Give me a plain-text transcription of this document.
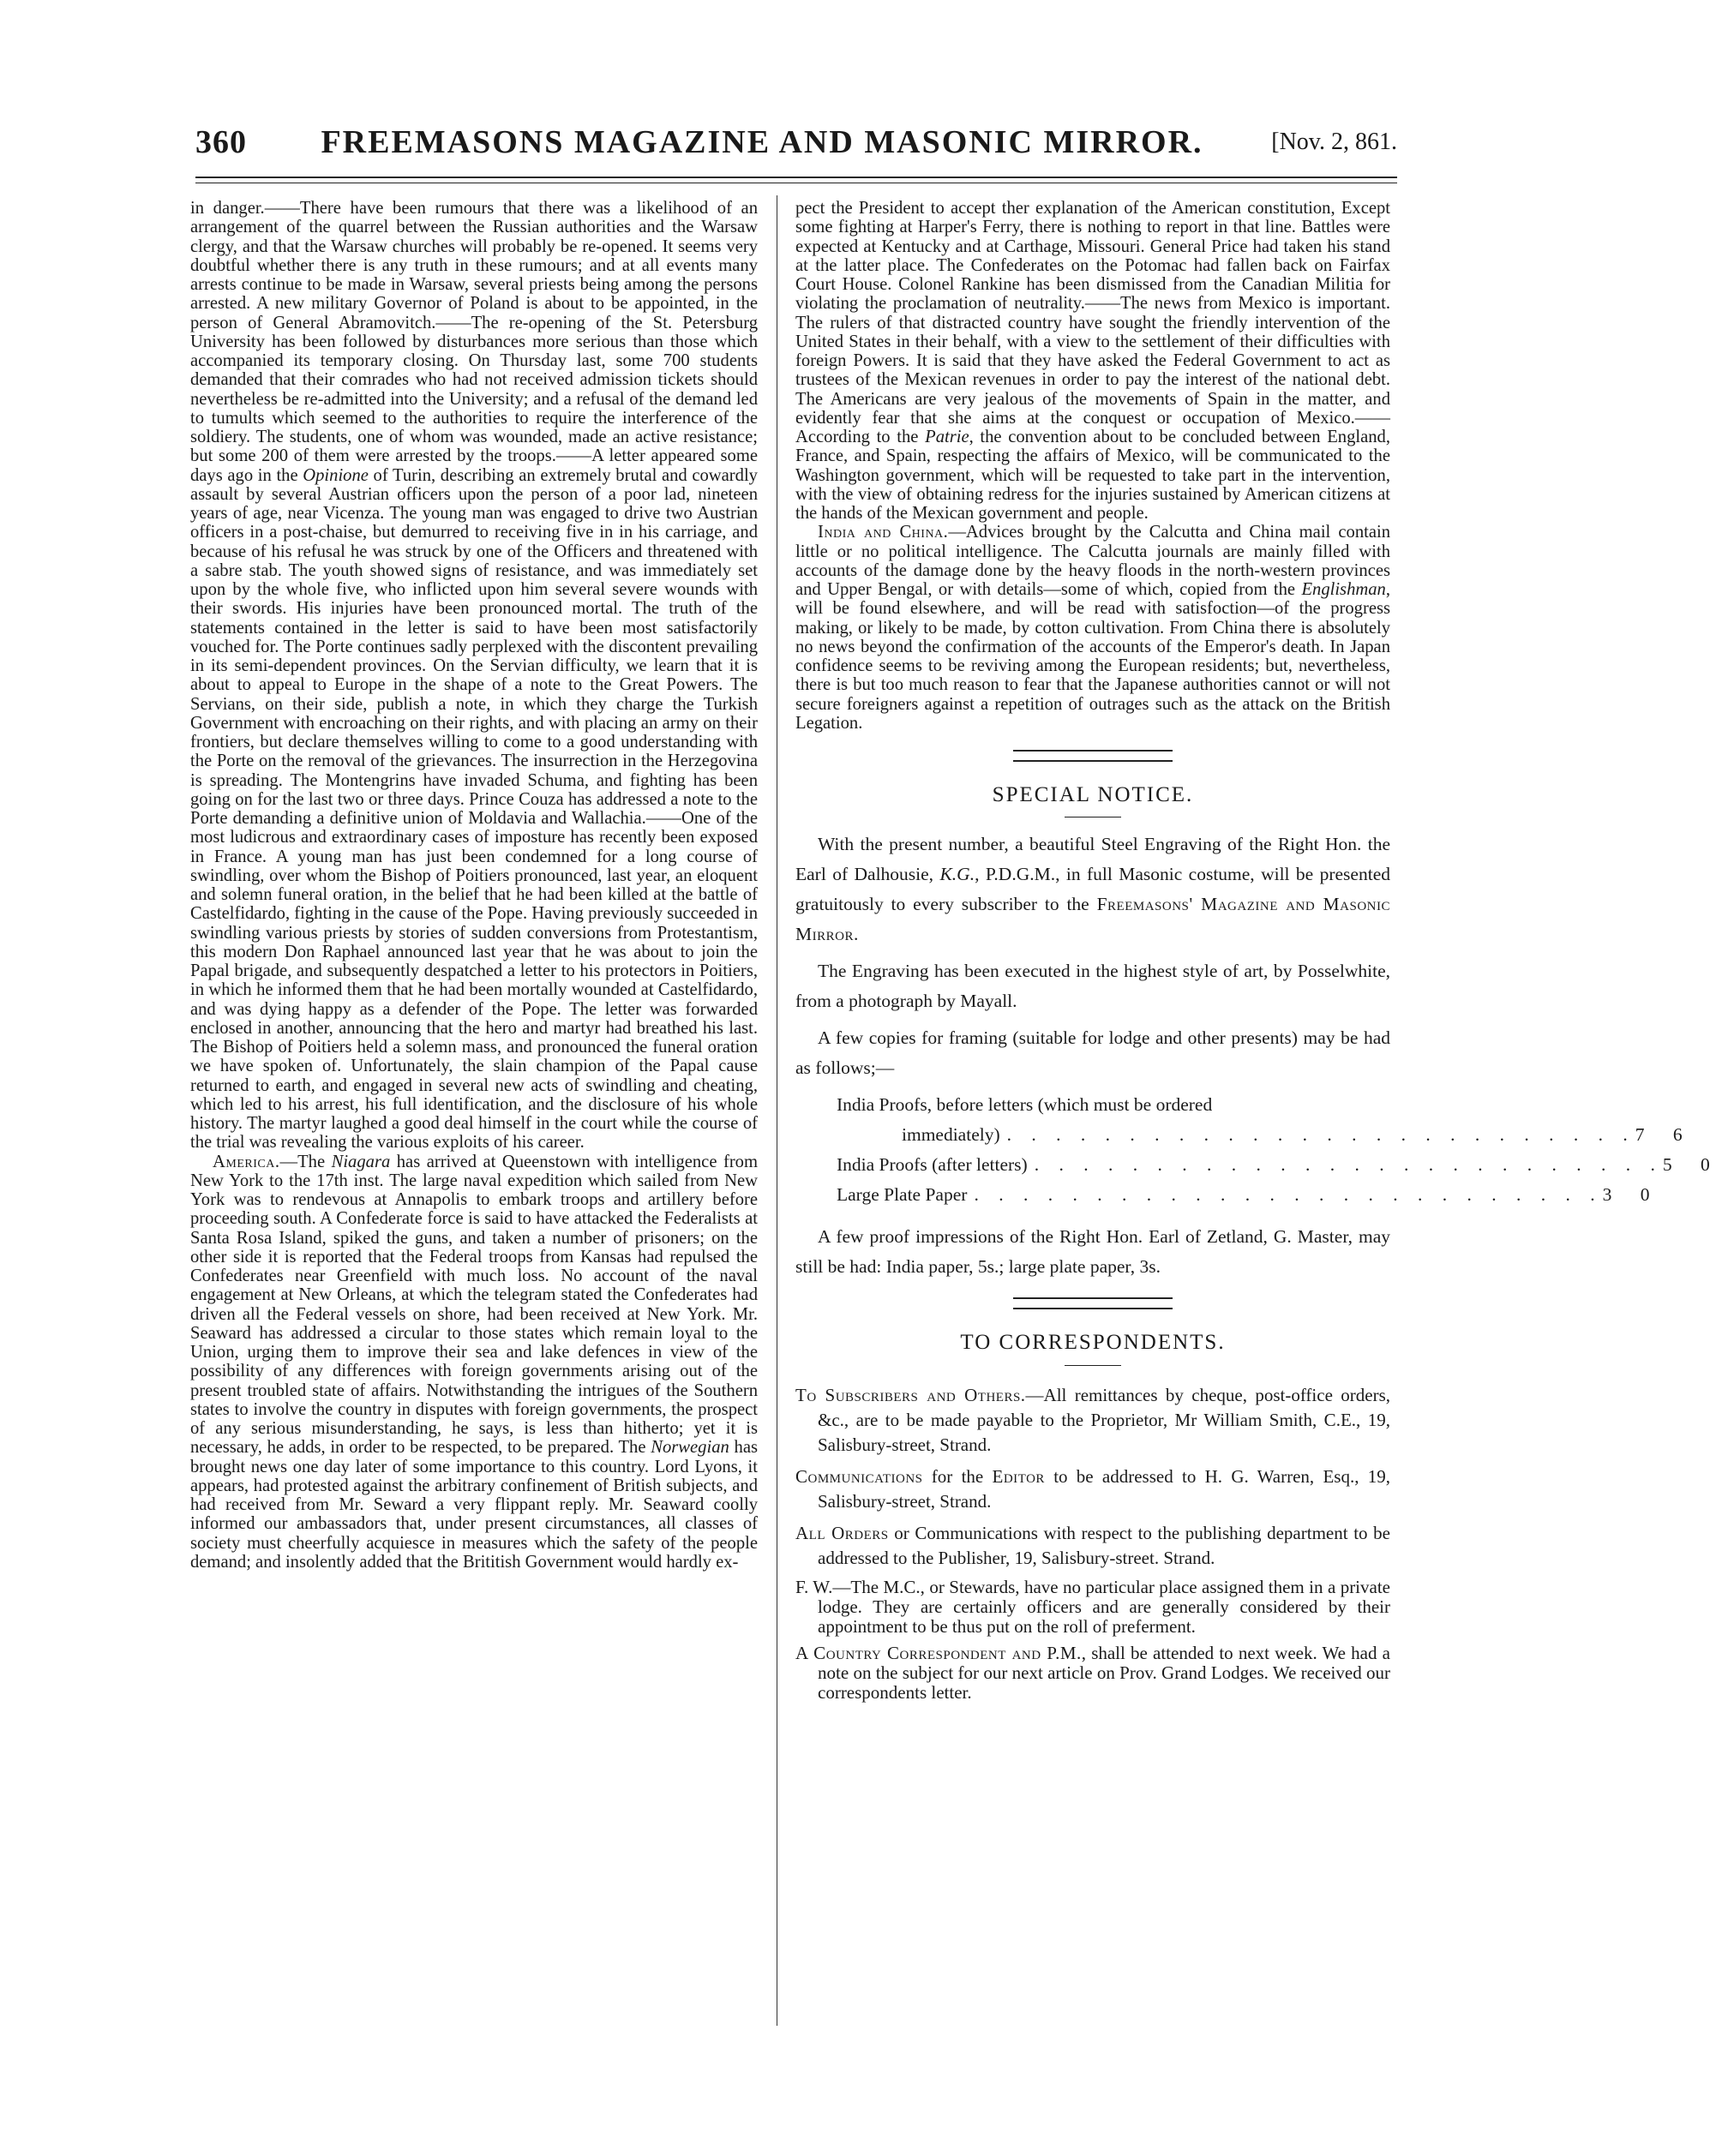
360	FREEMASONS MAGAZINE AND MASONIC MIRROR.	[Nov. 2, 861.

in danger.——There have been rumours that there was a likelihood of an arrangement of the quarrel between the Russian authorities and the Warsaw clergy, and that the Warsaw churches will probably be re-opened. It seems very doubtful whether there is any truth in these rumours; and at all events many arrests continue to be made in Warsaw, several priests being among the persons arrested. A new military Governor of Poland is about to be appointed, in the person of General Abramovitch.——The re-opening of the St. Petersburg University has been followed by disturbances more serious than those which accompanied its temporary closing. On Thursday last, some 700 students demanded that their comrades who had not received admission tickets should nevertheless be re-admitted into the University; and a refusal of the demand led to tumults which seemed to the authorities to require the interference of the soldiery. The students, one of whom was wounded, made an active resistance; but some 200 of them were arrested by the troops.——A letter appeared some days ago in the Opinione of Turin, describing an extremely brutal and cowardly assault by several Austrian officers upon the person of a poor lad, nineteen years of age, near Vicenza. The young man was engaged to drive two Austrian officers in a post-chaise, but demurred to receiving five in in his carriage, and because of his refusal he was struck by one of the Officers and threatened with a sabre stab. The youth showed signs of resistance, and was immediately set upon by the whole five, who inflicted upon him several severe wounds with their swords. His injuries have been pronounced mortal. The truth of the statements contained in the letter is said to have been most satisfactorily vouched for. The Porte continues sadly perplexed with the discontent prevailing in its semi-dependent provinces. On the Servian difficulty, we learn that it is about to appeal to Europe in the shape of a note to the Great Powers. The Servians, on their side, publish a note, in which they charge the Turkish Government with encroaching on their rights, and with placing an army on their frontiers, but declare themselves willing to come to a good understanding with the Porte on the removal of the grievances. The insurrection in the Herzegovina is spreading. The Montengrins have invaded Schuma, and fighting has been going on for the last two or three days. Prince Couza has addressed a note to the Porte demanding a definitive union of Moldavia and Wallachia.——One of the most ludicrous and extraordinary cases of imposture has recently been exposed in France. A young man has just been condemned for a long course of swindling, over whom the Bishop of Poitiers pronounced, last year, an eloquent and solemn funeral oration, in the belief that he had been killed at the battle of Castelfidardo, fighting in the cause of the Pope. Having previously succeeded in swindling various priests by stories of sudden conversions from Protestantism, this modern Don Raphael announced last year that he was about to join the Papal brigade, and subsequently despatched a letter to his protectors in Poitiers, in which he informed them that he had been mortally wounded at Castelfidardo, and was dying happy as a defender of the Pope. The letter was forwarded enclosed in another, announcing that the hero and martyr had breathed his last. The Bishop of Poitiers held a solemn mass, and pronounced the funeral oration we have spoken of. Unfortunately, the slain champion of the Papal cause returned to earth, and engaged in several new acts of swindling and cheating, which led to his arrest, his full identification, and the disclosure of his whole history. The martyr laughed a good deal himself in the court while the course of the trial was revealing the various exploits of his career.

America.—The Niagara has arrived at Queenstown with intelligence from New York to the 17th inst. The large naval expedition which sailed from New York was to rendevous at Annapolis to embark troops and artillery before proceeding south. A Confederate force is said to have attacked the Federalists at Santa Rosa Island, spiked the guns, and taken a number of prisoners; on the other side it is reported that the Federal troops from Kansas had repulsed the Confederates near Greenfield with much loss. No account of the naval engagement at New Orleans, at which the telegram stated the Confederates had driven all the Federal vessels on shore, had been received at New York. Mr. Seaward has addressed a circular to those states which remain loyal to the Union, urging them to improve their sea and lake defences in view of the possibility of any differences with foreign governments arising out of the present troubled state of affairs. Notwithstanding the intrigues of the Southern states to involve the country in disputes with foreign governments, the prospect of any serious misunderstanding, he says, is less than hitherto; yet it is necessary, he adds, in order to be respected, to be prepared. The Norwegian has brought news one day later of some importance to this country. Lord Lyons, it appears, had protested against the arbitrary confinement of British subjects, and had received from Mr. Seward a very flippant reply. Mr. Seaward coolly informed our ambassadors that, under present circumstances, all classes of society must cheerfully acquiesce in measures which the safety of the people demand; and insolently added that the Brititish Government would hardly ex-

pect the President to accept ther explanation of the American constitution, Except some fighting at Harper's Ferry, there is nothing to report in that line. Battles were expected at Kentucky and at Carthage, Missouri. General Price had taken his stand at the latter place. The Confederates on the Potomac had fallen back on Fairfax Court House. Colonel Rankine has been dismissed from the Canadian Militia for violating the proclamation of neutrality.——The news from Mexico is important. The rulers of that distracted country have sought the friendly intervention of the United States in their behalf, with a view to the settlement of their difficulties with foreign Powers. It is said that they have asked the Federal Government to act as trustees of the Mexican revenues in order to pay the interest of the national debt. The Americans are very jealous of the movements of Spain in the matter, and evidently fear that she aims at the conquest or occupation of Mexico.——According to the Patrie, the convention about to be concluded between England, France, and Spain, respecting the affairs of Mexico, will be communicated to the Washington government, which will be requested to take part in the intervention, with the view of obtaining redress for the injuries sustained by American citizens at the hands of the Mexican government and people.

India and China.—Advices brought by the Calcutta and China mail contain little or no political intelligence. The Calcutta journals are mainly filled with accounts of the damage done by the heavy floods in the north-western provinces and Upper Bengal, or with details—some of which, copied from the Englishman, will be found elsewhere, and will be read with satisfoction—of the progress making, or likely to be made, by cotton cultivation. From China there is absolutely no news beyond the confirmation of the accounts of the Emperor's death. In Japan confidence seems to be reviving among the European residents; but, nevertheless, there is but too much reason to fear that the Japanese authorities cannot or will not secure foreigners against a repetition of outrages such as the attack on the British Legation.

SPECIAL NOTICE.

With the present number, a beautiful Steel Engraving of the Right Hon. the Earl of Dalhousie, K.G., P.D.G.M., in full Masonic costume, will be presented gratuitously to every subscriber to the Freemasons' Magazine and Masonic Mirror.

The Engraving has been executed in the highest style of art, by Posselwhite, from a photograph by Mayall.

A few copies for framing (suitable for lodge and other presents) may be had as follows;—

India Proofs, before letters (which must be ordered
immediately) . . . . . . . . . . . . . . . . . . . . . . . . . . 7 6
India Proofs (after letters) . . . . . . . . . . . . . . . . . . . . . . . . . . 5 0
Large Plate Paper . . . . . . . . . . . . . . . . . . . . . . . . . . 3 0

A few proof impressions of the Right Hon. Earl of Zetland, G. Master, may still be had: India paper, 5s.; large plate paper, 3s.

TO CORRESPONDENTS.

To Subscribers and Others.—All remittances by cheque, post-office orders, &c., are to be made payable to the Proprietor, Mr William Smith, C.E., 19, Salisbury-street, Strand.

Communications for the Editor to be addressed to H. G. Warren, Esq., 19, Salisbury-street, Strand.

All Orders or Communications with respect to the publishing department to be addressed to the Publisher, 19, Salisbury-street. Strand.

F. W.—The M.C., or Stewards, have no particular place assigned them in a private lodge. They are certainly officers and are generally considered by their appointment to be thus put on the roll of preferment.

A Country Correspondent and P.M., shall be attended to next week. We had a note on the subject for our next article on Prov. Grand Lodges. We received our correspondents letter.
